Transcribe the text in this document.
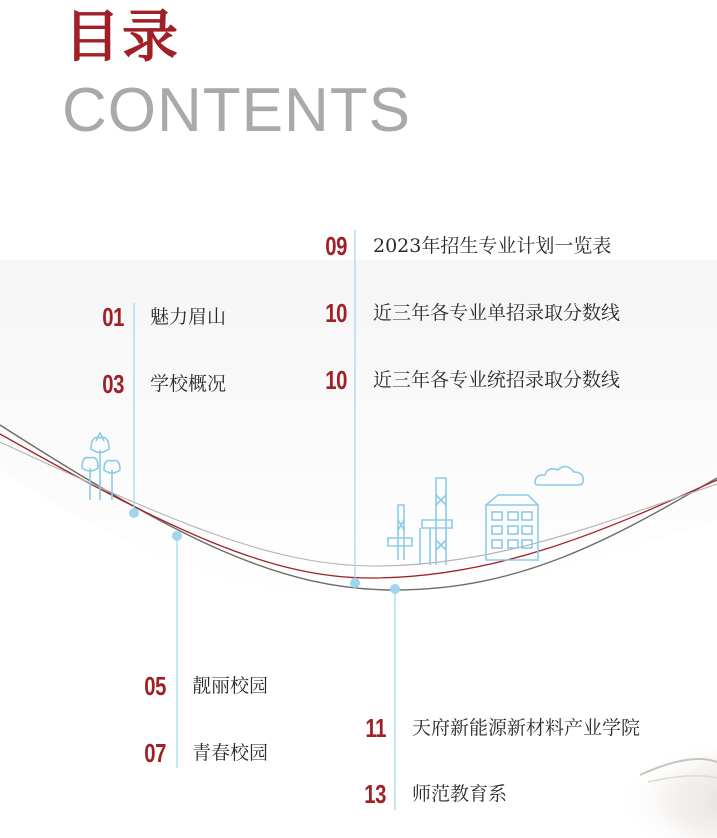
目录
CONTENTS
01 魅力眉山
03 学校概况
09 2023年招生专业计划一览表
10 近三年各专业单招录取分数线
10 近三年各专业统招录取分数线
05 靓丽校园
07 青春校园
11 天府新能源新材料产业学院
13 师范教育系
